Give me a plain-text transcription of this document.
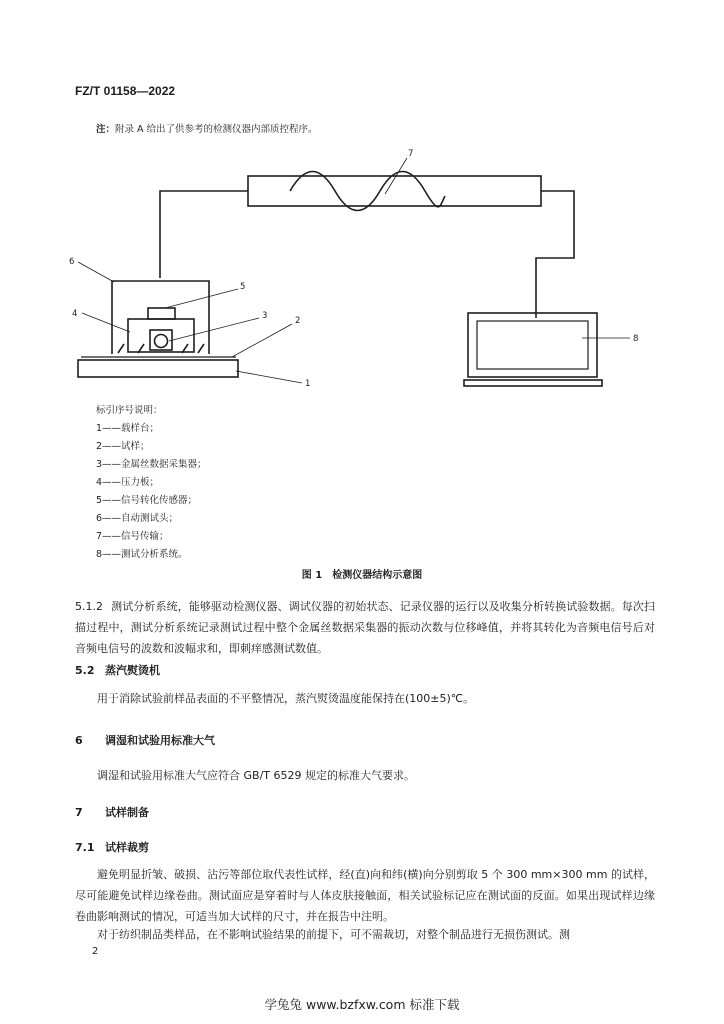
FZ/T 01158—2022
注：附录 A 给出了供参考的检测仪器内部质控程序。
7
6
5
4	3	2
1
8
标引序号说明：
1——载样台；
2——试样；
3——金属丝数据采集器；
4——压力板；
5——信号转化传感器；
6——自动测试头；
7——信号传输；
8——测试分析系统。
图 1　检测仪器结构示意图
5.1.2 测试分析系统，能够驱动检测仪器、调试仪器的初始状态、记录仪器的运行以及收集分析转换试验数据。每次扫描过程中，测试分析系统记录测试过程中整个金属丝数据采集器的振动次数与位移峰值，并将其转化为音频电信号后对音频电信号的波数和波幅求和，即刺痒感测试数值。
5.2 蒸汽熨烫机
用于消除试验前样品表面的不平整情况，蒸汽熨烫温度能保持在(100±5)℃。
6 调湿和试验用标准大气
调湿和试验用标准大气应符合 GB/T 6529 规定的标准大气要求。
7 试样制备
7.1 试样裁剪
避免明显折皱、破损、沾污等部位取代表性试样，经(直)向和纬(横)向分别剪取 5 个 300 mm×300 mm 的试样，尽可能避免试样边缘卷曲。测试面应是穿着时与人体皮肤接触面，相关试验标记应在测试面的反面。如果出现试样边缘卷曲影响测试的情况，可适当加大试样的尺寸，并在报告中注明。
对于纺织制品类样品，在不影响试验结果的前提下，可不需裁切，对整个制品进行无损伤测试。测
2
学兔兔 www.bzfxw.com 标准下载
